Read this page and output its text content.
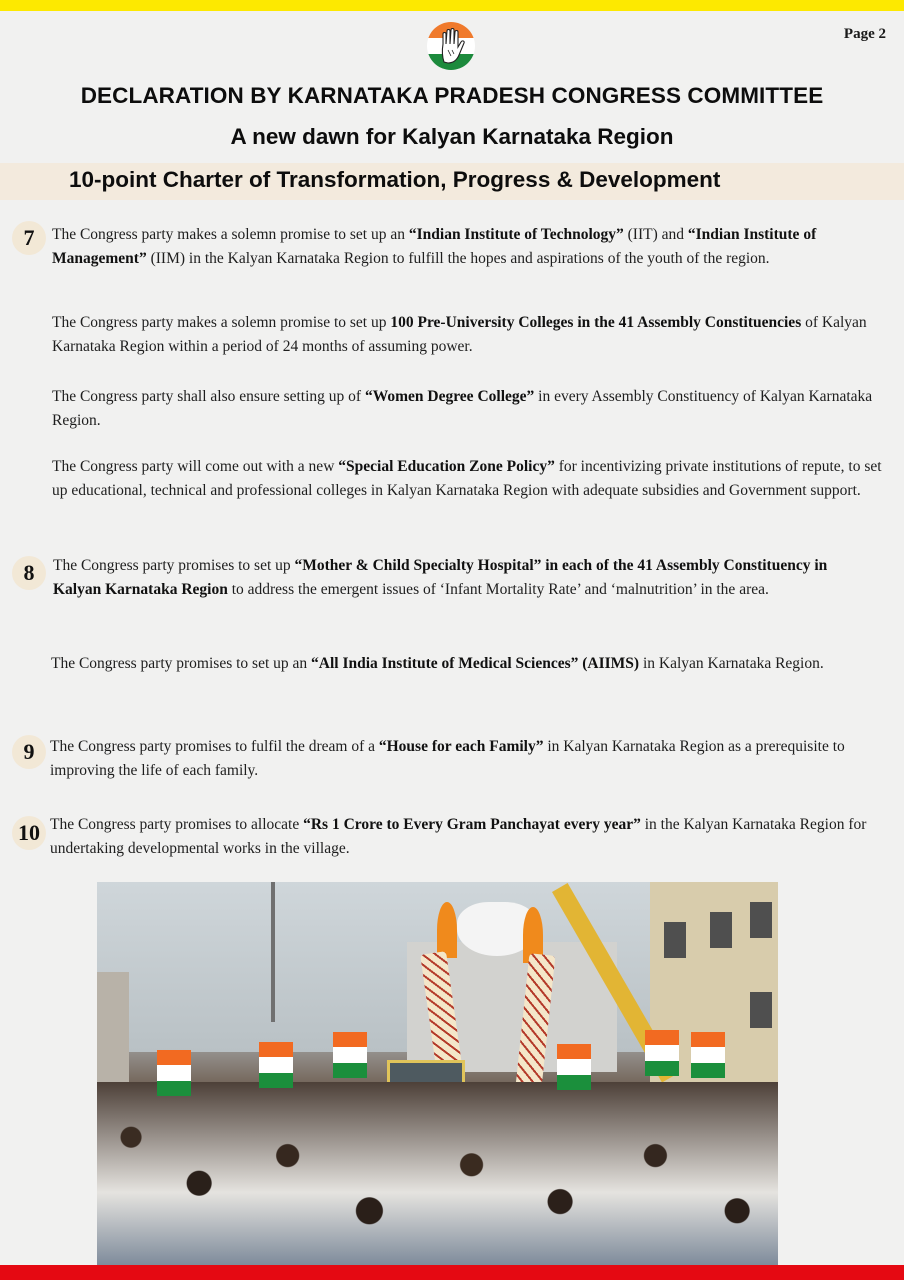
Page 2
DECLARATION BY KARNATAKA PRADESH CONGRESS COMMITTEE
A new dawn for Kalyan Karnataka Region
10-point Charter of Transformation, Progress & Development
7	The Congress party makes a solemn promise to set up an “Indian Institute of Technology” (IIT) and “Indian Institute of Management” (IIM) in the Kalyan Karnataka Region to fulfill the hopes and aspirations of the youth of the region.
The Congress party makes a solemn promise to set up 100 Pre-University Colleges in the 41 Assembly Constituencies of Kalyan Karnataka Region within a period of 24 months of assuming power.
The Congress party shall also ensure setting up of “Women Degree College” in every Assembly Constituency of Kalyan Karnataka Region.
The Congress party will come out with a new “Special Education Zone Policy” for incentivizing private institutions of repute, to set up educational, technical and professional colleges in Kalyan Karnataka Region with adequate subsidies and Government support.
8	The Congress party promises to set up “Mother & Child Specialty Hospital” in each of the 41 Assembly Constituency in Kalyan Karnataka Region to address the emergent issues of ‘Infant Mortality Rate’ and ‘malnutrition’ in the area.
The Congress party promises to set up an “All India Institute of Medical Sciences” (AIIMS) in Kalyan Karnataka Region.
9	The Congress party promises to fulfil the dream of a “House for each Family” in Kalyan Karnataka Region as a prerequisite to improving the life of each family.
10 The Congress party promises to allocate “Rs 1 Crore to Every Gram Panchayat every year” in the Kalyan Karnataka Region for undertaking developmental works in the village.
